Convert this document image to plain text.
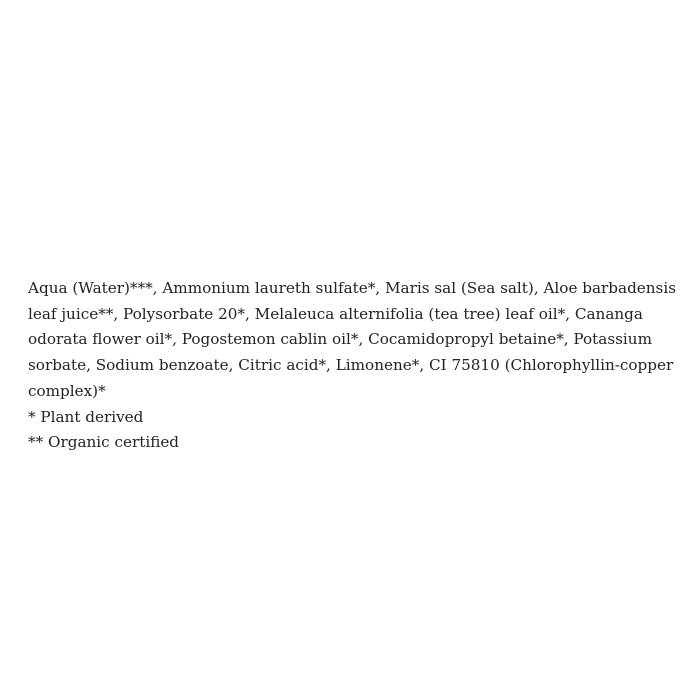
Aqua (Water)***, Ammonium laureth sulfate*, Maris sal (Sea salt), Aloe barbadensis leaf juice**, Polysorbate 20*, Melaleuca alternifolia (tea tree) leaf oil*, Cananga odorata flower oil*, Pogostemon cablin oil*, Cocamidopropyl betaine*, Potassium sorbate, Sodium benzoate, Citric acid*, Limonene*, CI 75810 (Chlorophyllin-copper complex)*

* Plant derived

** Organic certified
